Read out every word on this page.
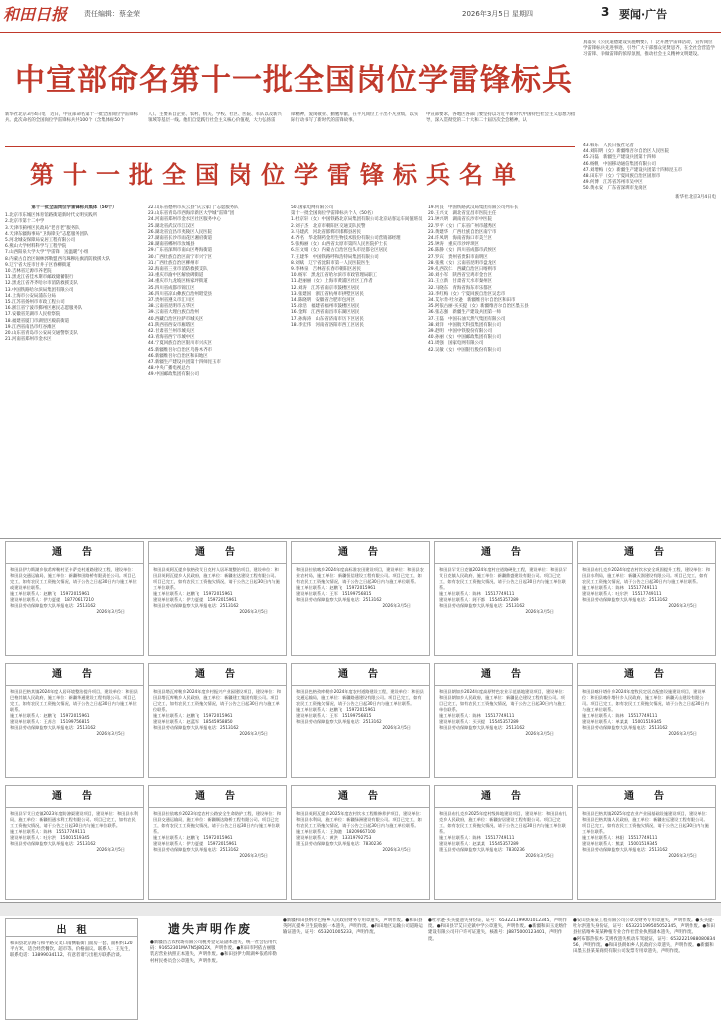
和田日报 责任编辑：蔡金荣	2026年3月5日 星期四	3 要闻·广告
中宣部命名第十一批全国岗位学雷锋标兵
新华社北京3月4日电　近日，中宣部命名第十一批全国岗位学雷锋标兵。此次命名的全国岗位学雷锋标兵共100个（含集体标50个
人）。主要来自企业、农村、机关、学校、社区、医院、军队以及新兴领域等基层一线。他们自觉践行社会主义核心价值观，大力弘扬雷
锋精神，爱岗敬业、勤勉奉献，在平凡岗位上干出不凡业绩，以实际行动书写了新时代的雷锋故事。
中宣部要求，各地区各部门要坚持以习近平新时代中国特色社会主义思想为指导，深入贯彻党的二十大和二十届历次全会精神，认
真落实《公民道德建设实施纲要》，广泛开展学雷锋活动，宣传岗位学雷锋标兵先进事迹，引导广大干部群众见贤思齐，在全社会营造学习雷锋、争做雷锋的浓厚氛围，推动社会主义精神文明建设。
第十一批全国岗位学雷锋标兵名单
第十一批全国岗位学雷锋标兵集体（50个）
1.北京市东城区体育馆路街道新时代文明实践所
2.北京市第十二中学
3.天津市蓟州区民政局“老吾老”服务队
4.天津东疆海事局“卫海锋尖”志愿服务团队
5.河北城安保障局安居工程有限公司
6.燕山大学材料科学与工程学院
7.山西阳泉大学大学“学雷锋　送温暖”小组
8.内蒙古自治区锡林郭勒盟西乌珠穆沁旗消防救援大队
9.辽宁省大连市甘井子区春柳街道
10.吉林省辽源市养老院
11.黑龙江省佳木斯市邮政储蓄银行
12.黑龙江省齐齐哈尔市消防救援支队
13.中国铁路哈尔滨局集团有限公司
14.上海市公安局浦东分局
15.江苏省扬州市市政工程公司
16.浙江省宁波市鄞州区惠民志愿服务队
17.安徽省芜湖市人民检察院
18.福建省厦门市湖里区殿前街道
19.江西省南昌市红谷滩区
20.山东省青岛市公安局交通警察支队
21.河南省郑州市金水区
22.山东省德州市庆云县“庆云家门”志愿服务队
23.山东省青岛市西海岸新区大学城“雷锋”团
24.河南省郑州市金水区社区服务中心
25.湖北省武汉市江汉区
26.湖北省宜昌市夷陵区人民医院
27.湖南省长沙市雨花区湘府街道
28.湖南省郴州市汝城县
29.广东省深圳市南山区粤海街道
30.广西壮族自治区南宁市兴宁区
31.广西壮族自治区柳州市
32.海南省三亚市消防救援支队
33.重庆市渝中区解放碑街道
34.重庆市九龙坡区杨家坪街道
35.四川省成都市锦江区
36.四川省凉山彝族自治州昭觉县
37.贵州省遵义市汇川区
38.云南省昆明市五华区
39.云南省大理白族自治州
40.西藏自治区拉萨市城关区
41.陕西省西安市雁塔区
42.甘肃省兰州市城关区
43.青海省西宁市城中区
44.宁夏回族自治区银川市兴庆区
45.新疆维吾尔自治区乌鲁木齐市
46.新疆维吾尔自治区和田地区
47.新疆生产建设兵团第十四师昆玉市
48.中央广播电视总台
49.中国邮政集团有限公司
50.国家电网有限公司
第十一批全国岗位学雷锋标兵个人（50名）
1.杜京轩（女）中国铁路北京局集团有限公司北京站客运车间值班员
2.刘子杰　北京市朝阳区交通支队民警
3.马建武　河北省邯郸市邯郸县居民
4.齐名　华北制药金坦生物技术股份有限公司营销部经理
5.张梅丽（女）山西省太原市第四人民医院护士长
6.汪文娟（女）内蒙古自治区包头市昆都仑区居民
7.王建华　中国铁路呼和浩特局集团有限公司
8.刘斌　辽宁省沈阳市第一人民医院医生
9.李林泉　吉林省长春市朝阳区居民
10.杨军　黑龙江省哈尔滨市市政管理局职工
11.赵丽丽（女）上海市黄浦区社区工作者
12.刘涛　江苏省南京市鼓楼区居民
13.张建国　浙江省杭州市拱墅区居民
14.陈晓明　安徽省合肥市包河区
15.徐浩　福建省福州市鼓楼区居民
16.金辉　江西省南昌市东湖区居民
17.孙海涛　山东省济南市历下区居民
18.李宏伟　河南省洛阳市西工区居民
19.何良　中国铁路武汉局集团有限公司列车长
20.王兴文　湖北省宜昌市医院主任
21.钟兴明　湖南省长沙市中医院
22.罗平（女）广东省广州市越秀区
23.黄建华　广西壮族自治区南宁市
24.许凤明　海南省海口市美兰区
25.钟涛　重庆市沙坪坝区
26.陈静（女）四川省成都市武侯区
27.罗宾　贵州省贵阳市南明区
28.张燕（女）云南省昆明市盘龙区
29.扎西次仁　西藏自治区日喀则市
30.刘小军　陕西省宝鸡市金台区
31.王立新　甘肃省天水市秦州区
32.马晓东　青海省海东市乐都区
33.李红梅（女）宁夏回族自治区吴忠市
34.艾尔肯·吐尔逊　新疆维吾尔自治区和田市
35.阿依古丽·买买提（女）新疆维吾尔自治区墨玉县
36.张志强　新疆生产建设兵团第一师
37.王磊　中国石油天然气集团有限公司
38.刘洋　中国航天科技集团有限公司
39.赵明　中国中铁股份有限公司
40.孙丽（女）中国邮政集团有限公司
41.周强　国家电网有限公司
42.吴敏（女）中国银行股份有限公司
43.韩东　人民日报社记者
44.刘阳明（女）新疆维吾尔自治区人民医院
45.冯磊　新疆生产建设兵团第十四师
46.杨帆　中国移动通信集团有限公司
47.刘增梅（女）新疆生产建设兵团第十四师昆玉市
48.田东宇（女）宁夏回族自治区固原市
49.何博　江苏省苏州市吴中区
50.黄永安　广东省深圳市龙岗区
新华社北京3月4日电
通　告
和田县伊力斯湖乡依希库勒村至卡萨克村道路建设工程，建设单位：和田县交通运输局，施工单位：新疆和田路桥有限责任公司。项目已完工，如有农民工工资拖欠情况，请于公告之日起30日内与施工单位或建设单位联系。
施工单位联系人：赵鹏飞　15972015961
建设单位联系人：伊力夏提　18770617210
和田县劳动保障监察大队举报电话：2513162
2026年3月5日
通　告
和田县英阿瓦提乡依格孜艾日克村人居环境整治项目，建设单位：和田县英阿瓦提乡人民政府，施工单位：新疆宏达建设工程有限公司。项目已完工，如有农民工工资拖欠情况，请于公告之日起30日内与施工单位联系。
施工单位联系人：赵鹏飞　15972015961
建设单位联系人：伊力夏提　15972015961
和田县劳动保障监察大队举报电话：2513162
2026年3月5日
通　告
和田县拉依喀乡2024年度高标准农田建设项目，建设单位：和田县农业农村局，施工单位：新疆恒信建设工程有限公司。项目已完工，如有农民工工资拖欠情况，请于公告之日起30日内与施工单位联系。
施工单位联系人：赵鹏飞　15972015961
建设单位联系人：王军　15199756815
和田县劳动保障监察大队举报电话：2513162
2026年3月5日
通　告
和田县罕艾日克镇2024年度村庄道路硬化工程，建设单位：和田县罕艾日克镇人民政府，施工单位：新疆鼎盛建设有限公司。项目已完工，如有农民工工资拖欠情况，请于公告之日起30日内与施工单位联系。
施工单位联系人：陈林　15517749111
建设单位联系人：阿不都　15545357289
和田县劳动保障监察大队举报电话：2513162
2026年3月5日
通　告
和田县布扎克乡2024年度农村饮水安全巩固提升工程，建设单位：和田县水利局，施工单位：新疆天润建设有限公司。项目已完工，如有农民工工资拖欠情况，请于公告之日起30日内与施工单位联系。
施工单位联系人：陈林　15517749111
建设单位联系人：吐尔洪　15517749111
和田县劳动保障监察大队举报电话：2513162
2026年3月5日
通　告
和田县巴格其镇2024年度人居环境整治提升项目，建设单位：和田县巴格其镇人民政府，施工单位：新疆华通建设工程有限公司。项目已完工，如有农民工工资拖欠情况，请于公告之日起30日内与施工单位联系。
施工单位联系人：赵鹏飞　15972015961
建设单位联系人：王苏合　15199756815
和田县劳动保障监察大队举报电话：2513162
2026年3月5日
通　告
和田县塔瓦库勒乡2024年度乡村振兴产业园建设项目，建设单位：和田县塔瓦库勒乡人民政府，施工单位：新疆建工集团有限公司。项目已完工，如有农民工工资拖欠情况，请于公告之日起30日内与施工单位联系。
施工单位联系人：赵鹏飞　15972015961
建设单位联系人：赵蓝军　18545958850
和田县劳动保障监察大队举报电话：2513162
2026年3月5日
通　告
和田县色格孜库勒乡2024年度农村道路建设工程，建设单位：和田县交通运输局，施工单位：新疆路通建设有限公司。项目已完工，如有农民工工资拖欠情况，请于公告之日起30日内与施工单位联系。
施工单位联系人：赵鹏飞　15972015961
建设单位联系人：王军　15199756815
和田县劳动保障监察大队举报电话：2513162
2026年3月5日
通　告
和田县朗如乡2024年度高原特色农业示范基地建设项目，建设单位：和田县朗如乡人民政府，施工单位：新疆昆仑建设工程有限公司。项目已完工，如有农民工工资拖欠情况，请于公告之日起30日内与施工单位联系。
施工单位联系人：陈林　15517749111
建设单位联系人：买买提　15545357289
和田县劳动保障监察大队举报电话：2513162
2026年3月5日
通　告
和田县喀什塔什乡2024年度牧民定居点配套设施建设项目，建设单位：和田县喀什塔什乡人民政府，施工单位：新疆天山建设有限公司。项目已完工，如有农民工工资拖欠情况，请于公告之日起30日内与施工单位联系。
施工单位联系人：陈林　15517749111
建设单位联系人：单某某　15001519345
和田县劳动保障监察大队举报电话：2513162
2026年3月5日
通　告
和田县罕艾日克镇2023年度防渗渠建设项目，建设单位：和田县水利局，施工单位：新疆恒通水利工程有限公司。项目已完工，如有农民工工资拖欠情况，请于公告之日起30日内与施工单位联系。
施工单位联系人：陈林　15517749111
建设单位联系人：吐尔洪　15001519345
和田县劳动保障监察大队举报电话：2513162
2026年3月5日
通　告
和田县拉依喀乡2023年度农村公路安全生命防护工程，建设单位：和田县交通运输局，施工单位：新疆顺达路桥工程有限公司。项目已完工，如有农民工工资拖欠情况，请于公告之日起30日内与施工单位联系。
施工单位联系人：赵鹏飞　15972015961
建设单位联系人：伊力夏提　15972015961
和田县劳动保障监察大队举报电话：2513162
2026年3月5日
通　告
和田县英阿瓦提乡2025年度农村饮水工程维修养护项目，建设单位：和田县水利局，施工单位：新疆绿洲建设有限公司。项目已完工，如有农民工工资拖欠情况，请于公告之日起30日内与施工单位联系。
施工单位联系人：王海港　18209667100
建设单位联系人：黄洪　13319792753
墨玉县劳动保障监察大队举报电话：7830236
2026年3月5日
通　告
和田县布扎克乡2025年度村级阵地建设项目，建设单位：和田县布扎克乡人民政府，施工单位：新疆安居建设工程有限公司。项目已完工，如有农民工工资拖欠情况，请于公告之日起30日内与施工单位联系。
施工单位联系人：陈林　15517749111
建设单位联系人：赵某某　15545357289
墨玉县劳动保障监察大队举报电话：7830236
2026年3月5日
通　告
和田县巴格其镇2025年度农业产业园基础设施建设项目，建设单位：和田县巴格其镇人民政府，施工单位：新疆宏远建设工程有限公司。项目已完工，如有农民工工资拖欠情况，请于公告之日起30日内与施工单位联系。
施工单位联系人：林阳　15517749111
建设单位联系人：熊某　15001519345
和田县劳动保障监察大队举报电话：2513162
2026年3月5日
出　租
和田县北京路与和平路交叉口南侧临街门面房一套，面积约120平方米，适合经营餐饮、超市等。价格面议。联系人：王先生，联系电话：13899034112。有意者请与出租方联系洽谈。
遗失声明作废
●新疆昌吉农牧场有限公司税务登记证副本遗失，统一社会信用代码：91652301MA7N5J8Q2X，声明作废。●和田市阿依古丽服装店营业执照正本遗失，声明作废。●和田县伊力斯湖乡依希库勒村村民委员会公章遗失，声明作废。
●新疆和田县纳尔巴格乡人民政府财务专用章遗失，声明作废。●和田县英阿瓦提乡卫生院收据一本遗失，声明作废。●和田地区运输公司道路运输证遗失，证号：653201005233，声明作废。
●吐尔逊·买买提遗失身份证，证号：653221199001012345，声明作废。●和田县罕艾日克镇中学公章遗失，声明作废。●新疆和田玉龙喀什建设有限公司开户许可证遗失，核准号：J8875000123401，声明作废。
●安山县某某工程有限公司公章及财务专用章遗失，声明作废。●买买提·吐尔洪遗失身份证，证号：653221199505052345，声明作废。●和田县拉依喀乡某某种植专业合作社营业执照副本遗失，声明作废。
●阿布都热依木·艾则孜遗失机动车驾驶证，证号：653222198808083456，声明作废。●和田县朗如乡人民政府公章遗失，声明作废。●新疆和田墨玉县某某商贸有限公司发票专用章遗失，声明作废。
